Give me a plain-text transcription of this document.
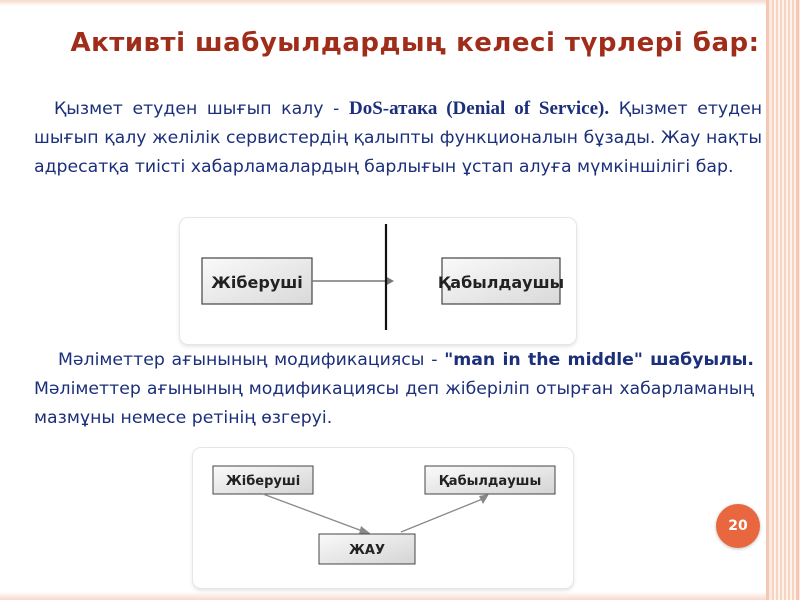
Активті шабуылдардың келесі түрлері бар:
Қызмет етуден шығып калу - DoS-атака (Denial of Service). Қызмет етуден шығып қалу желілік сервистердің қалыпты функционалын бұзады. Жау нақты адресатқа тиісті хабарламалардың барлығын ұстап алуға мүмкіншілігі бар.
Жіберуші	Қабылдаушы
Мәліметтер ағынының модификациясы - "man in the middle" шабуылы. Мәліметтер ағынының модификациясы деп жіберіліп отырған хабарламаның мазмұны немесе ретінің өзгеруі.
Жіберуші	Қабылдаушы
ЖАУ
20
